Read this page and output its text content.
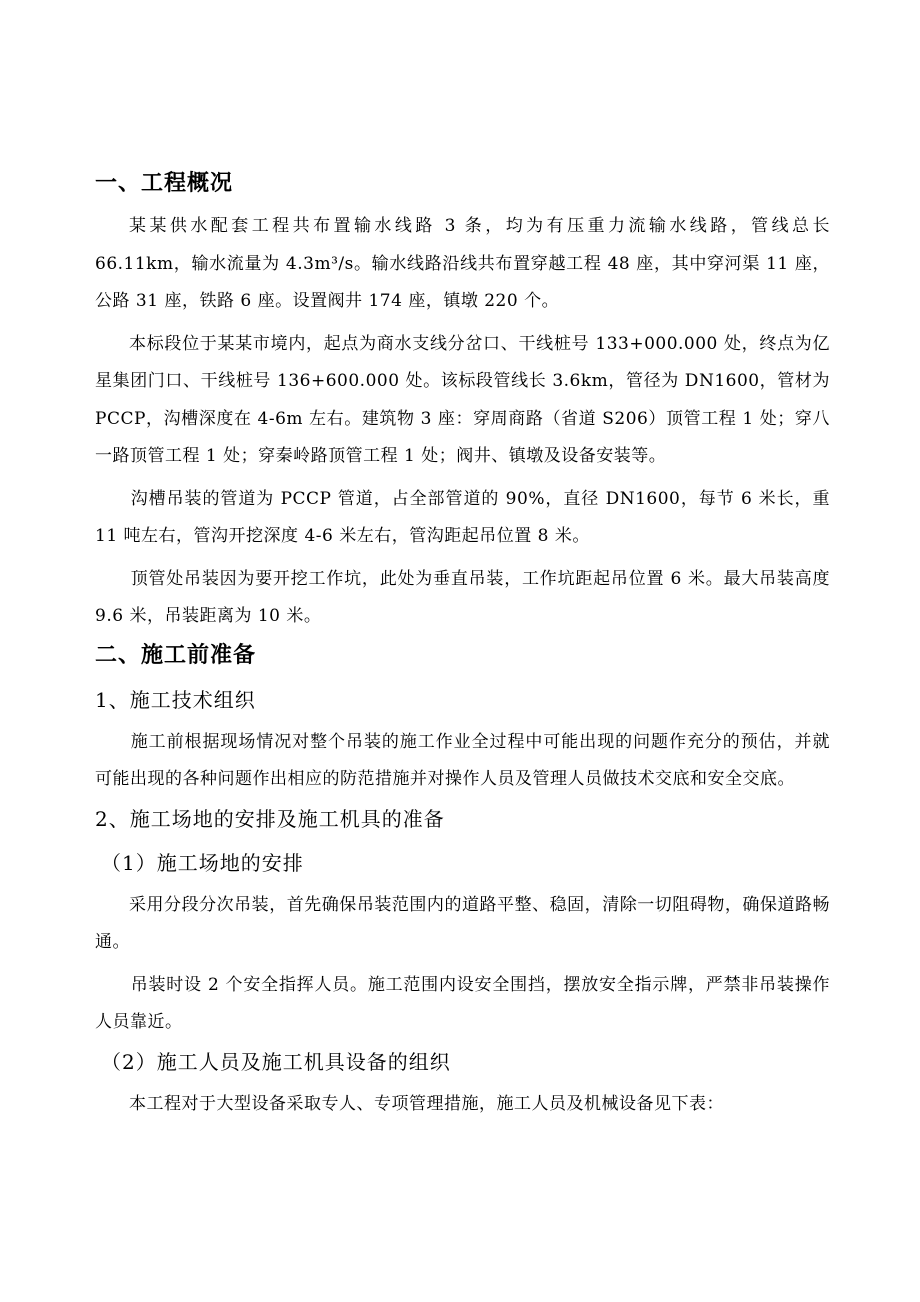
一、工程概况

某某供水配套工程共布置输水线路 3 条，均为有压重力流输水线路，管线总长 66.11km，输水流量为 4.3m³/s。输水线路沿线共布置穿越工程 48 座，其中穿河渠 11 座，公路 31 座，铁路 6 座。设置阀井 174 座，镇墩 220 个。

本标段位于某某市境内，起点为商水支线分岔口、干线桩号 133+000.000 处，终点为亿星集团门口、干线桩号 136+600.000 处。该标段管线长 3.6km，管径为 DN1600，管材为 PCCP，沟槽深度在 4-6m 左右。建筑物 3 座：穿周商路（省道 S206）顶管工程 1 处；穿八一路顶管工程 1 处；穿秦岭路顶管工程 1 处；阀井、镇墩及设备安装等。

沟槽吊装的管道为 PCCP 管道，占全部管道的 90%，直径 DN1600，每节 6 米长，重 11 吨左右，管沟开挖深度 4-6 米左右，管沟距起吊位置 8 米。

顶管处吊装因为要开挖工作坑，此处为垂直吊装，工作坑距起吊位置 6 米。最大吊装高度 9.6 米，吊装距离为 10 米。

二、施工前准备
1、施工技术组织

施工前根据现场情况对整个吊装的施工作业全过程中可能出现的问题作充分的预估，并就可能出现的各种问题作出相应的防范措施并对操作人员及管理人员做技术交底和安全交底。

2、施工场地的安排及施工机具的准备
（1）施工场地的安排

采用分段分次吊装，首先确保吊装范围内的道路平整、稳固，清除一切阻碍物，确保道路畅通。

吊装时设 2 个安全指挥人员。施工范围内设安全围挡，摆放安全指示牌，严禁非吊装操作人员靠近。

（2）施工人员及施工机具设备的组织

本工程对于大型设备采取专人、专项管理措施，施工人员及机械设备见下表：
